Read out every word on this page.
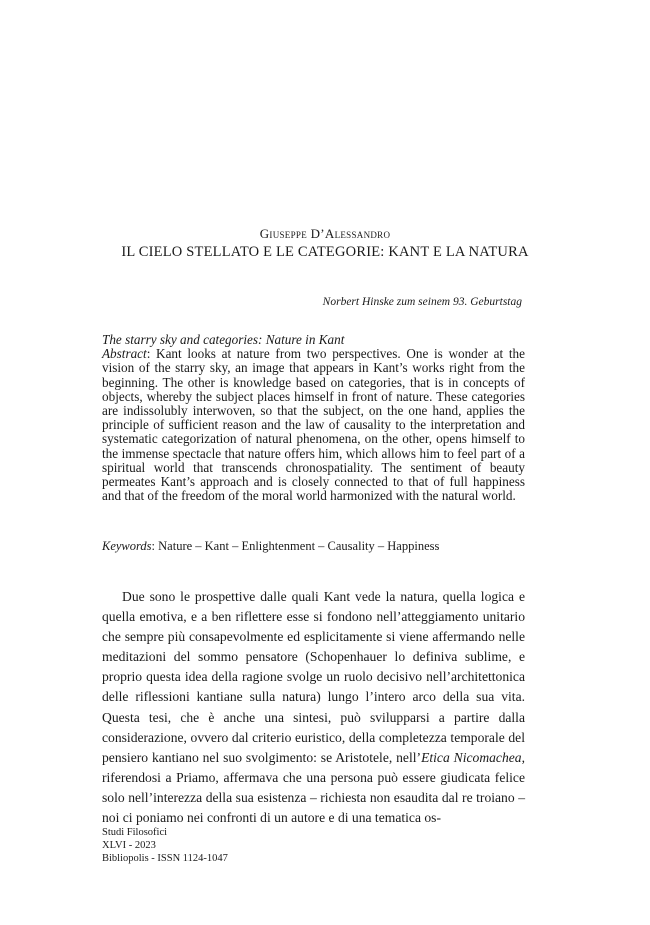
Giuseppe D’Alessandro
IL CIELO STELLATO E LE CATEGORIE: KANT E LA NATURA
Norbert Hinske zum seinem 93. Geburtstag
The starry sky and categories: Nature in Kant
Abstract: Kant looks at nature from two perspectives. One is wonder at the vision of the starry sky, an image that appears in Kant’s works right from the beginning. The other is knowledge based on categories, that is in concepts of objects, whereby the subject places himself in front of nature. These categories are indissolubly interwoven, so that the subject, on the one hand, applies the principle of sufficient reason and the law of causality to the interpretation and systematic categorization of natural phenomena, on the other, opens himself to the immense spectacle that nature offers him, which allows him to feel part of a spiritual world that transcends chronospatiality. The sentiment of beauty permeates Kant’s approach and is closely connected to that of full happiness and that of the freedom of the moral world harmonized with the natural world.
Keywords: Nature – Kant – Enlightenment – Causality – Happiness

Due sono le prospettive dalle quali Kant vede la natura, quella logica e quella emotiva, e a ben riflettere esse si fondono nell’atteggiamento unitario che sempre più consapevolmente ed esplicitamente si viene affermando nelle meditazioni del sommo pensatore (Schopenhauer lo definiva sublime, e proprio questa idea della ragione svolge un ruolo decisivo nell’architettonica delle riflessioni kantiane sulla natura) lungo l’intero arco della sua vita. Questa tesi, che è anche una sintesi, può svilupparsi a partire dalla considerazione, ovvero dal criterio euristico, della completezza temporale del pensiero kantiano nel suo svolgimento: se Aristotele, nell’Etica Nicomachea, riferendosi a Priamo, affermava che una persona può essere giudicata felice solo nell’interezza della sua esistenza – richiesta non esaudita dal re troiano – noi ci poniamo nei confronti di un autore e di una tematica os-

Studi Filosofici
XLVI - 2023
Bibliopolis - ISSN 1124-1047
